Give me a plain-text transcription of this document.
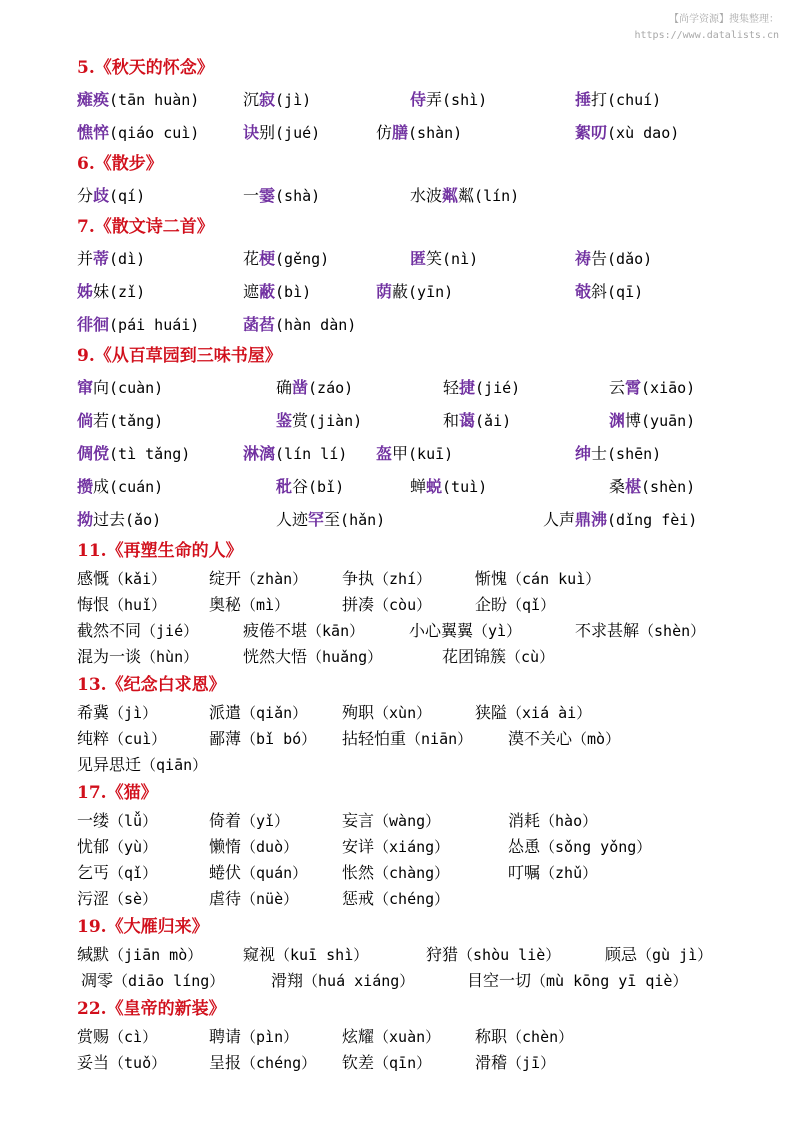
【尚学资源】搜集整理：
https://www.datalists.cn
5.《秋天的怀念》
瘫痪(tān huàn)	沉寂(jì)	侍弄(shì)	捶打(chuí)
憔悴(qiáo cuì)	诀别(jué)	仿膳(shàn)	絮叨(xù dao)
6.《散步》
分歧(qí)	一霎(shà)	水波粼粼(lín)
7.《散文诗二首》
并蒂(dì)	花梗(gěng)	匿笑(nì)	祷告(dǎo)
姊妹(zǐ)	遮蔽(bì)	荫蔽(yīn)	攲斜(qī)
徘徊(pái huái)	菡萏(hàn dàn)
9.《从百草园到三味书屋》
窜向(cuàn)	确凿(záo)	轻捷(jié)	云霄(xiāo)
倘若(tǎng)	鉴赏(jiàn)	和蔼(ǎi)	渊博(yuān)
倜傥(tì tǎng)	淋漓(lín lí) 盔甲(kuī)	绅士(shēn)
攒成(cuán)	秕谷(bǐ)	蝉蜕(tuì)	桑椹(shèn)
拗过去(ǎo)	人迹罕至(hǎn)	人声鼎沸(dǐng fèi)
11.《再塑生命的人》
感慨（kǎi）	绽开（zhàn） 争执（zhí）	惭愧（cán kuì）
悔恨（huǐ）	奥秘（mì）	拼凑（còu）	企盼（qǐ）
截然不同（jié）	疲倦不堪（kān）	小心翼翼（yì）	不求甚解（shèn）
混为一谈（hùn）	恍然大悟（huǎng）	花团锦簇（cù）
13.《纪念白求恩》
希冀（jì）	派遣（qiǎn） 殉职（xùn）	狭隘（xiá ài）
纯粹（cuì）	鄙薄（bǐ bó） 拈轻怕重（niān） 漠不关心（mò）
见异思迁（qiān）
17.《猫》
一缕（lǚ）	倚着（yǐ）	妄言（wàng）	消耗（hào）
忧郁（yù）	懒惰（duò）	安详（xiáng）	怂恿（sǒng yǒng）
乞丐（qǐ）	蜷伏（quán） 怅然（chàng）	叮嘱（zhǔ）
污涩（sè）	虐待（nüè）	惩戒（chéng）
19.《大雁归来》
缄默（jiān mò）	窥视（kuī shì）	狩猎（shòu liè）	顾忌（gù jì）
凋零（diāo líng）	滑翔（huá xiáng）	目空一切（mù kōng yī qiè）
22.《皇帝的新装》
赏赐（cì）	聘请（pìn）	炫耀（xuàn） 称职（chèn）
妥当（tuǒ）	呈报（chéng） 钦差（qīn）	滑稽（jī）
